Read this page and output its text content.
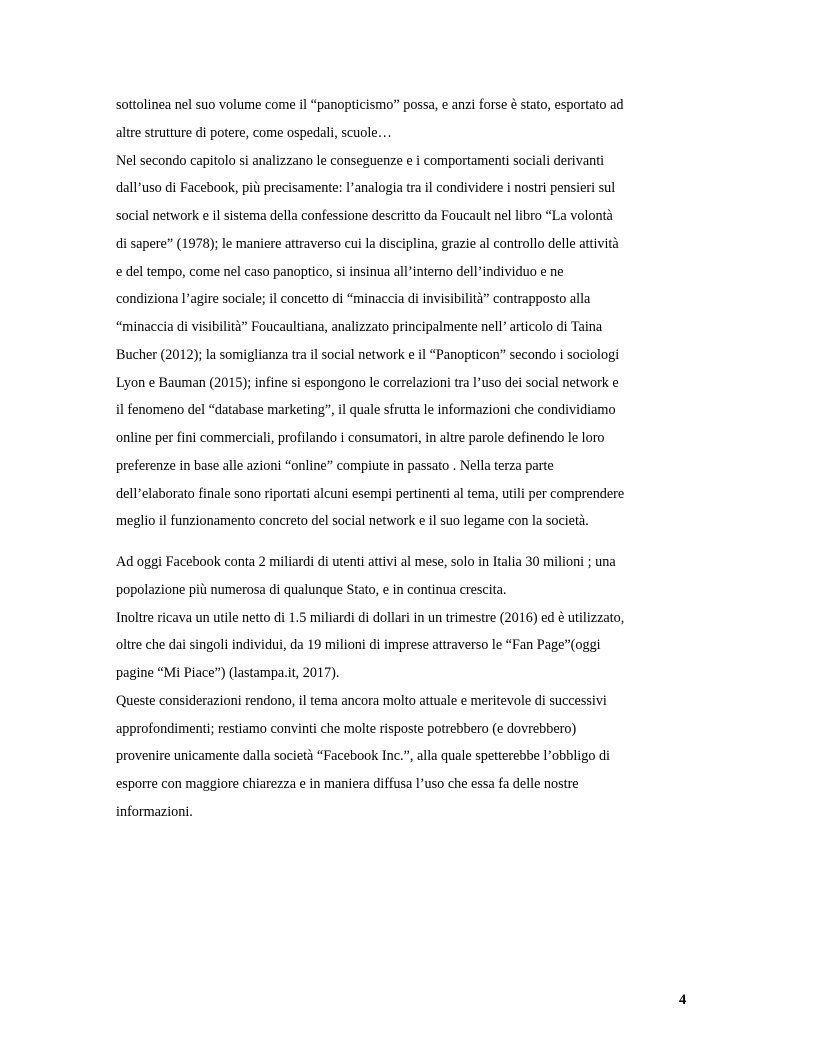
sottolinea nel suo volume come il “panopticismo” possa, e anzi forse è stato, esportato ad
altre strutture di potere, come ospedali, scuole…
Nel secondo capitolo si analizzano le conseguenze e i comportamenti sociali derivanti
dall’uso di Facebook, più precisamente: l’analogia tra il condividere i nostri pensieri sul
social network e il sistema della confessione descritto da Foucault nel libro “La volontà
di sapere” (1978); le maniere attraverso cui la disciplina, grazie al controllo delle attività
e del tempo, come nel caso panoptico, si insinua all’interno dell’individuo e ne
condiziona l’agire sociale; il concetto di “minaccia di invisibilità” contrapposto alla
“minaccia di visibilità” Foucaultiana, analizzato principalmente nell’ articolo di Taina
Bucher (2012); la somiglianza tra il social network e il “Panopticon” secondo i sociologi
Lyon e Bauman (2015); infine si espongono le correlazioni tra l’uso dei social network e
il fenomeno del “database marketing”, il quale sfrutta le informazioni che condividiamo
online per fini commerciali, profilando i consumatori, in altre parole definendo le loro
preferenze in base alle azioni “online” compiute in passato . Nella terza parte
dell’elaborato finale sono riportati alcuni esempi pertinenti al tema, utili per comprendere
meglio il funzionamento concreto del social network e il suo legame con la società.
Ad oggi Facebook conta 2 miliardi di utenti attivi al mese, solo in Italia 30 milioni ; una
popolazione più numerosa di qualunque Stato, e in continua crescita.
Inoltre ricava un utile netto di 1.5 miliardi di dollari in un trimestre (2016) ed è utilizzato,
oltre che dai singoli individui, da 19 milioni di imprese attraverso le “Fan Page”(oggi
pagine “Mi Piace”) (lastampa.it, 2017).
Queste considerazioni rendono, il tema ancora molto attuale e meritevole di successivi
approfondimenti; restiamo convinti che molte risposte potrebbero (e dovrebbero)
provenire unicamente dalla società “Facebook Inc.”, alla quale spetterebbe l’obbligo di
esporre con maggiore chiarezza e in maniera diffusa l’uso che essa fa delle nostre
informazioni.
4
